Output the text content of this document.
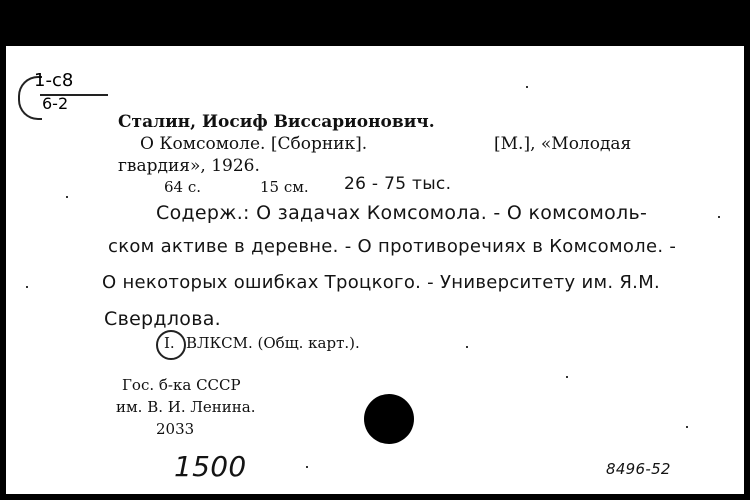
1-c8
6-2
Сталин, Иосиф Виссарионович.
О Комсомоле. [Сборник].	[М.], «Молодая
гвардия», 1926.
64 с.	15 см. 26 - 75 тыс.
Содерж.: О задачах Комсомола. - О комсомоль-
ском активе в деревне. - О противоречиях в Комсомоле. -
О некоторых ошибках Троцкого. - Университету им. Я.М.
Свердлова.
I. ВЛКСМ. (Общ. карт.).
Гос. б-ка СССР
им. В. И. Ленина.
2033
1500	8496-52
